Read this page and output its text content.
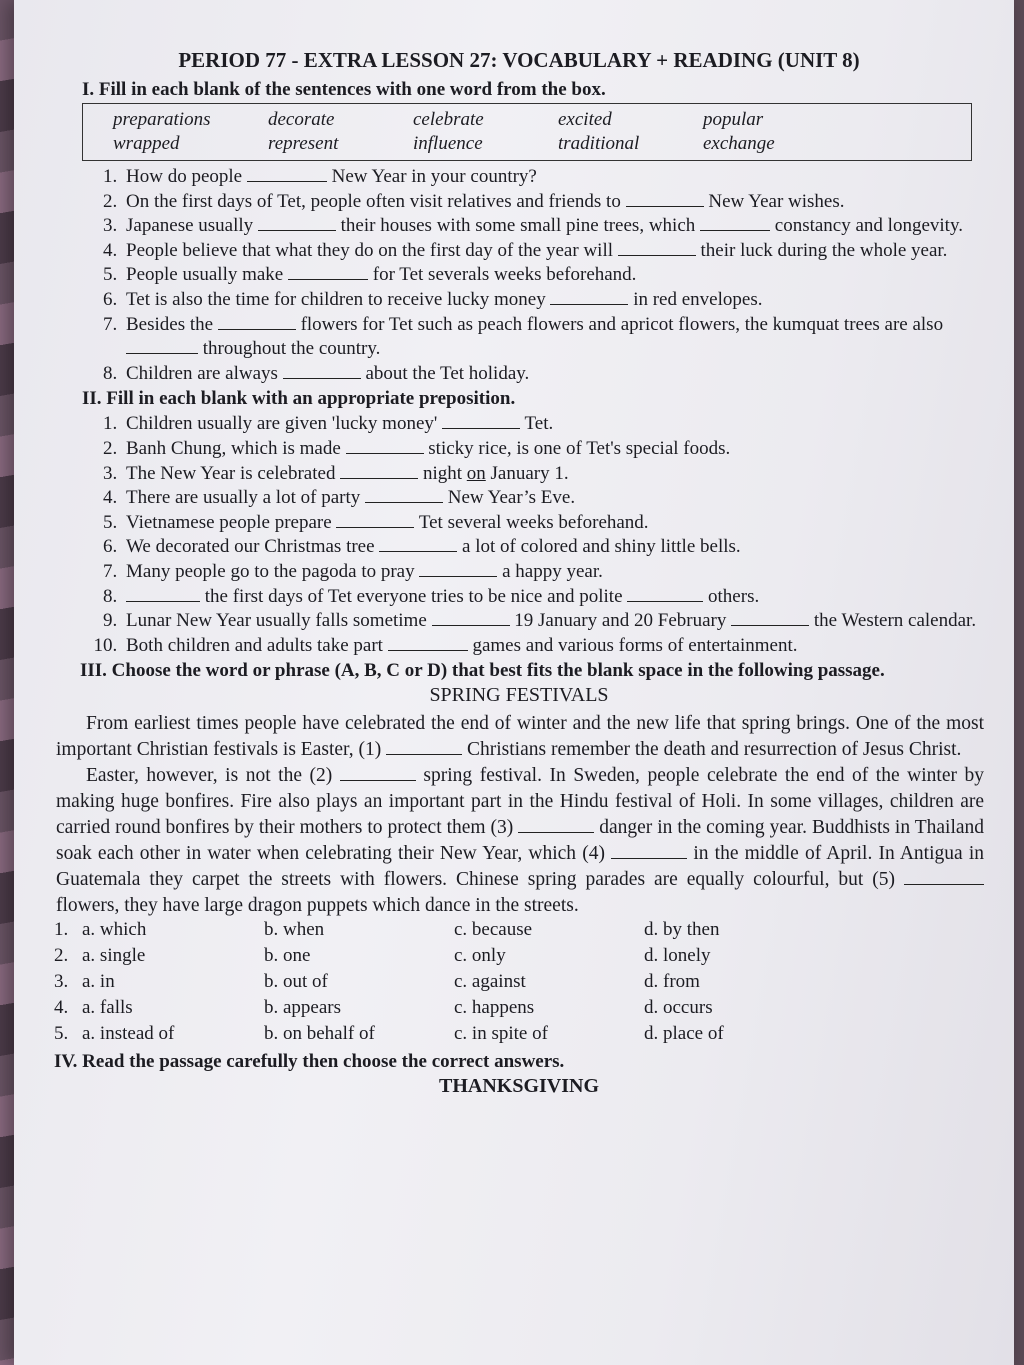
PERIOD 77 - EXTRA LESSON 27: VOCABULARY + READING (UNIT 8)
I. Fill in each blank of the sentences with one word from the box.
preparations	decorate	celebrate	excited	popular
wrapped	represent	influence	traditional	exchange
1. How do people	New Year in your country?
2. On the first days of Tet, people often visit relatives and friends to	New Year wishes.
3. Japanese usually	their houses with some small pine trees, which	constancy and longevity.
4. People believe that what they do on the first day of the year will	their luck during the whole year.
5. People usually make	for Tet severals weeks beforehand.
6. Tet is also the time for children to receive lucky money	in red envelopes.
7. Besides the	flowers for Tet such as peach flowers and apricot flowers, the kumquat trees are also  throughout the country.
8. Children are always	about the Tet holiday.
II. Fill in each blank with an appropriate preposition.
1. Children usually are given 'lucky money'	Tet.
2. Banh Chung, which is made	sticky rice, is one of Tet's special foods.
3. The New Year is celebrated	night on January 1.
4. There are usually a lot of party	New Year’s Eve.
5. Vietnamese people prepare	Tet several weeks beforehand.
6. We decorated our Christmas tree	a lot of colored and shiny little bells.
7. Many people go to the pagoda to pray	a happy year.
8. the first days of Tet everyone tries to be nice and polite	others.
9. Lunar New Year usually falls sometime	19 January and 20 February	the Western calendar.
10. Both children and adults take part	games and various forms of entertainment.
III. Choose the word or phrase (A, B, C or D) that best fits the blank space in the following passage.
SPRING FESTIVALS

From earliest times people have celebrated the end of winter and the new life that spring brings. One of the most important Christian festivals is Easter, (1)	Christians remember the death and resurrection of Jesus Christ.

Easter, however, is not the (2)	spring festival. In Sweden, people celebrate the end of the winter by making huge bonfires. Fire also plays an important part in the Hindu festival of Holi. In some villages, children are carried round bonfires by their mothers to protect them (3)	danger in the coming year. Buddhists in Thailand soak each other in water when celebrating their New Year, which (4)	in the middle of April. In Antigua in Guatemala they carpet the streets with flowers. Chinese spring parades are equally colourful, but (5)  flowers, they have large dragon puppets which dance in the streets.

1.	a. which	b. when	c. because	d. by then
2.	a. single	b. one	c. only	d. lonely
3.	a. in	b. out of	c. against	d. from
4.	a. falls	b. appears	c. happens	d. occurs
5.	a. instead of	b. on behalf of	c. in spite of	d. place of
IV. Read the passage carefully then choose the correct answers.
THANKSGIVING
